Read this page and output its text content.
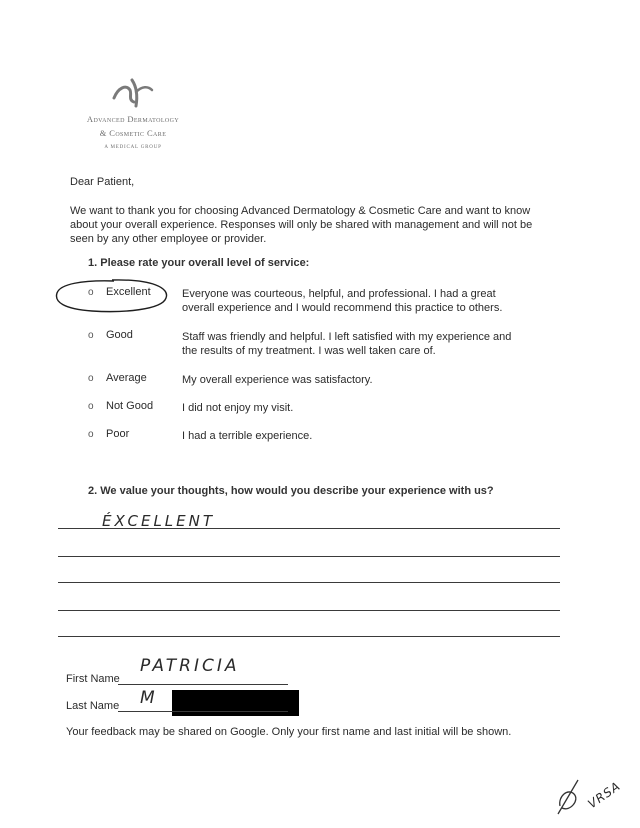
Advanced Dermatology
& Cosmetic Care
A MEDICAL GROUP
Dear Patient,
We want to thank you for choosing Advanced Dermatology & Cosmetic Care and want to know about your overall experience. Responses will only be shared with management and will not be seen by any other employee or provider.
1. Please rate your overall level of service:
o Excellent	Everyone was courteous, helpful, and professional. I had a great overall experience and I would recommend this practice to others.
o Good	Staff was friendly and helpful. I left satisfied with my experience and the results of my treatment. I was well taken care of.
o Average	My overall experience was satisfactory.
o Not Good	I did not enjoy my visit.
o Poor	I had a terrible experience.
2. We value your thoughts, how would you describe your experience with us?
ÉXCELLENT
First Name
PATRICIA
Last Name M
Your feedback may be shared on Google. Only your first name and last initial will be shown.
VRSA
